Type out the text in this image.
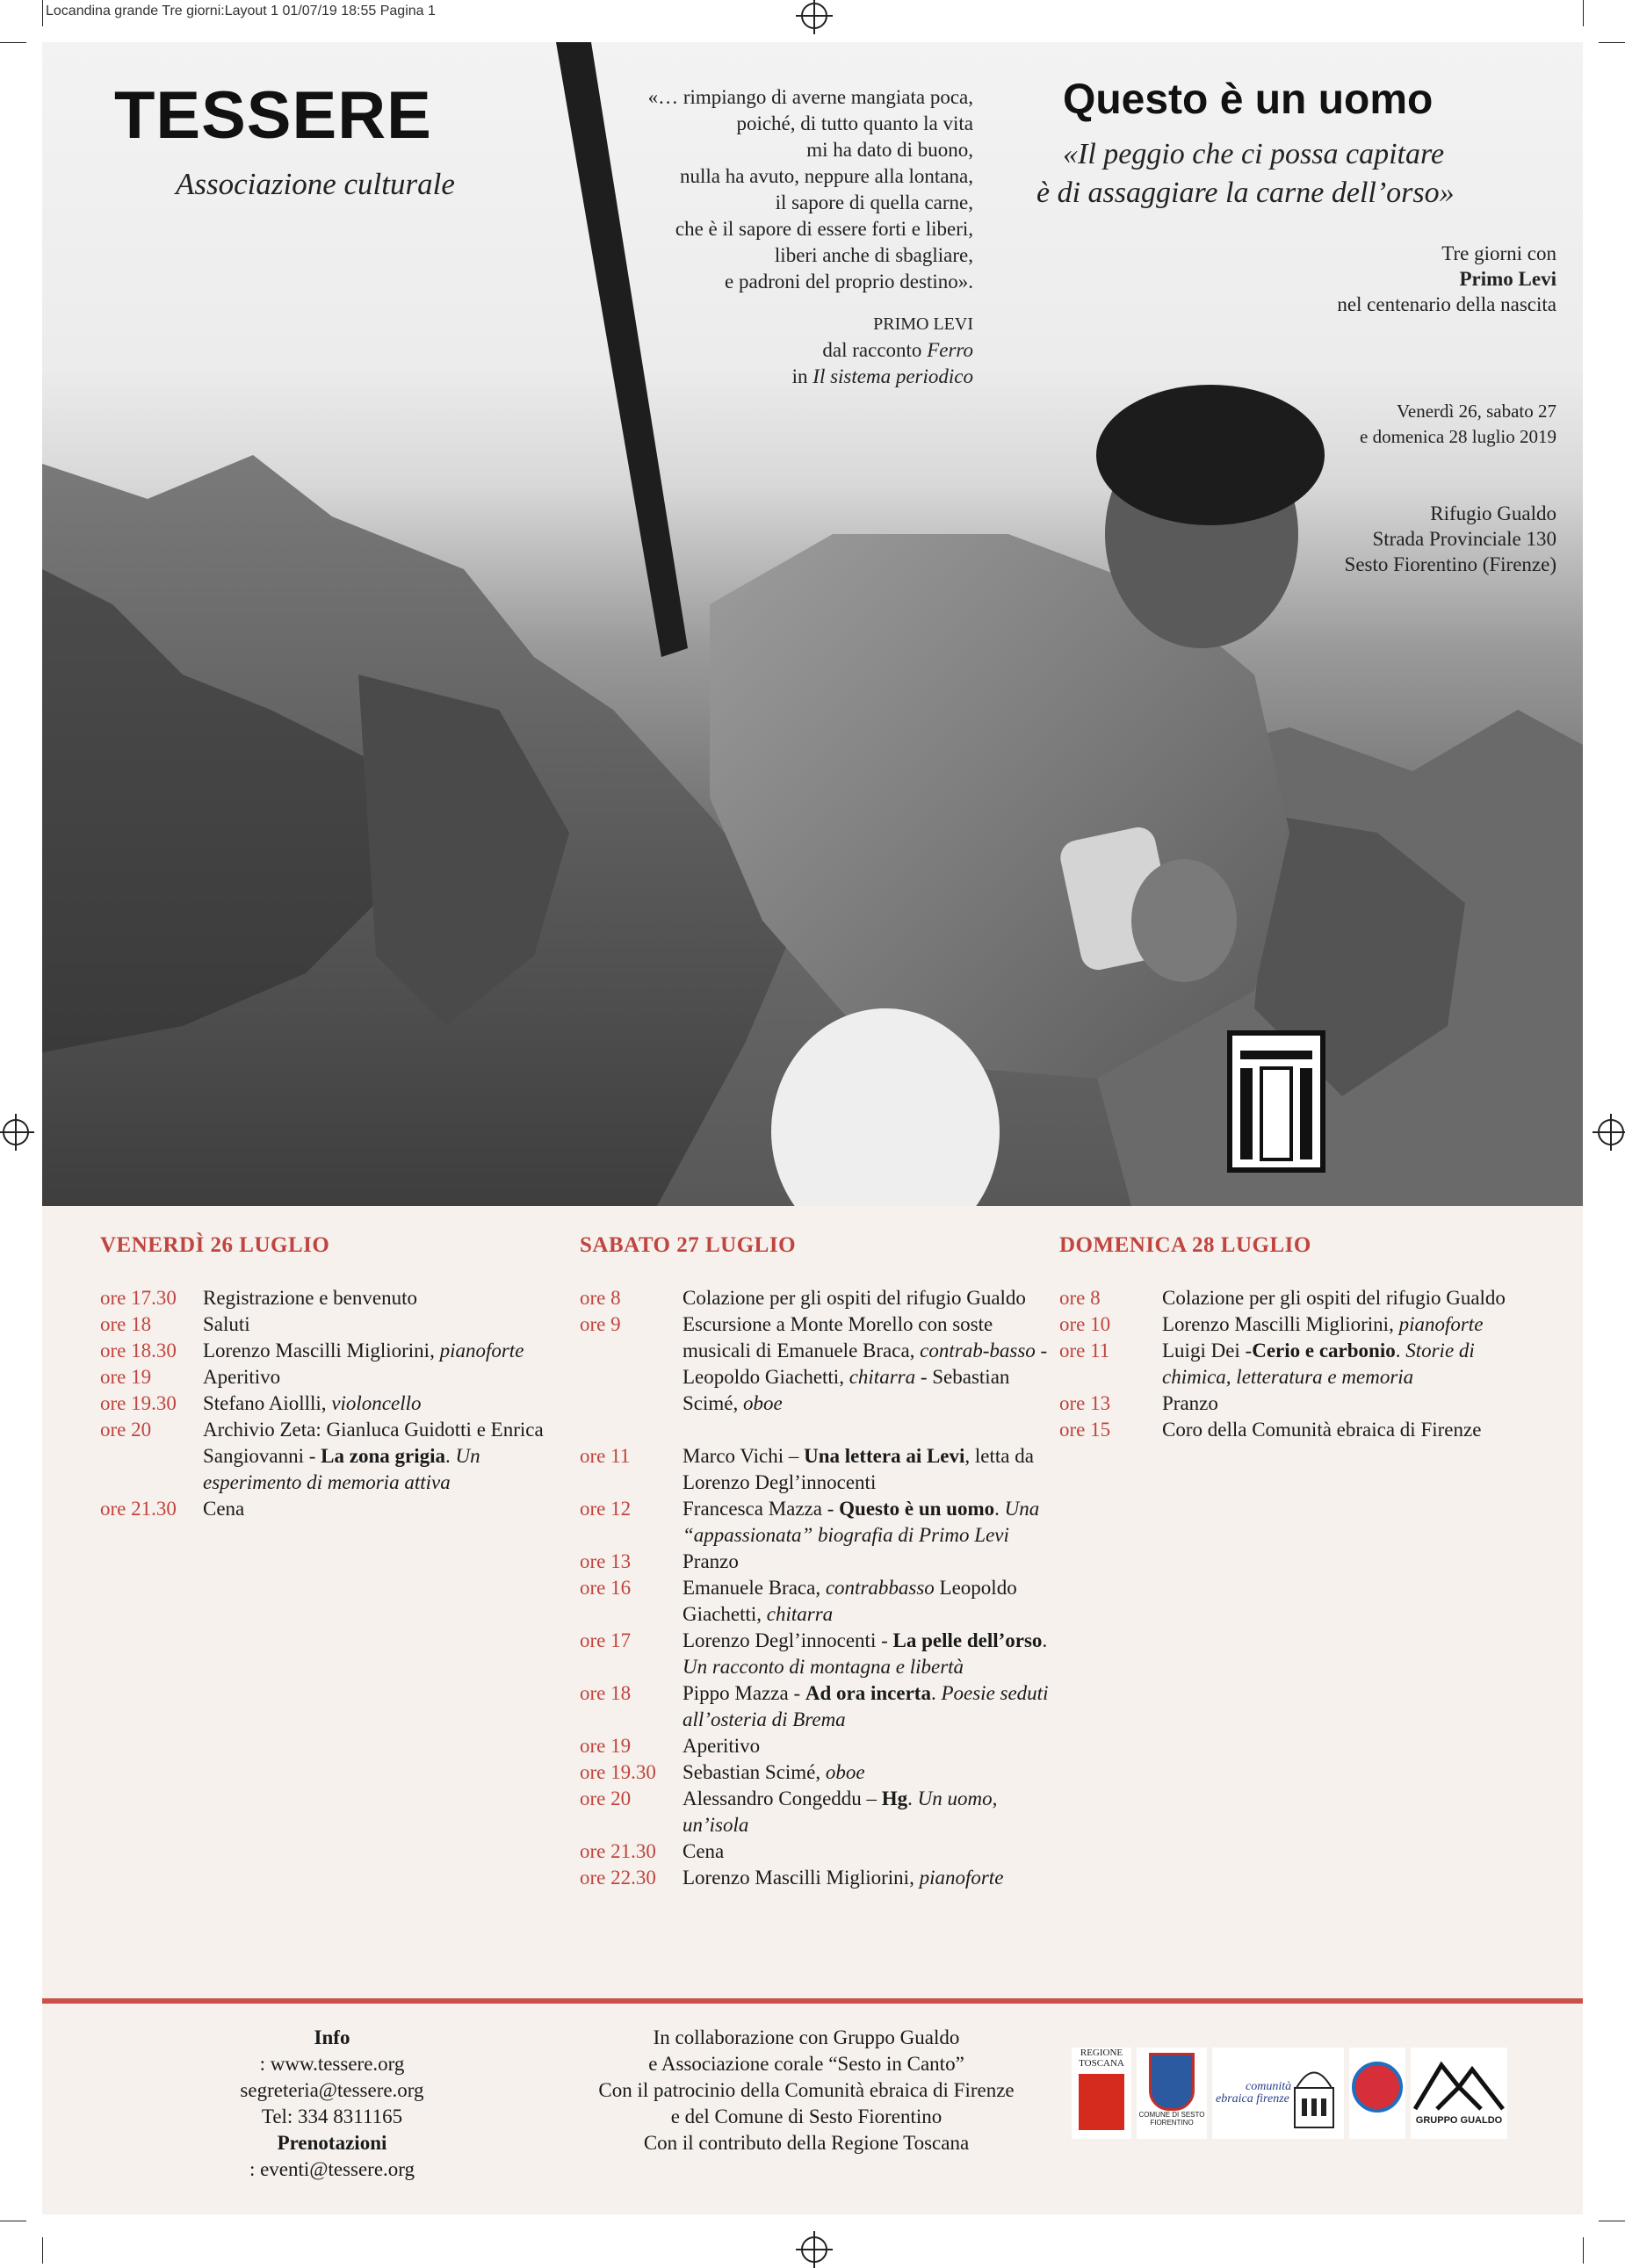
Locandina grande Tre giorni:Layout 1 01/07/19 18:55 Pagina 1
TESSERE
Associazione culturale
«… rimpiango di averne mangiata poca,
poiché, di tutto quanto la vita
mi ha dato di buono,
nulla ha avuto, neppure alla lontana,
il sapore di quella carne,
che è il sapore di essere forti e liberi,
liberi anche di sbagliare,
e padroni del proprio destino».
PRIMO LEVI
dal racconto Ferro
in Il sistema periodico
Questo è un uomo
«Il peggio che ci possa capitare
è di assaggiare la carne dell’orso»
Tre giorni con
Primo Levi
nel centenario della nascita
Venerdì 26, sabato 27
e domenica 28 luglio 2019
Rifugio Gualdo
Strada Provinciale 130
Sesto Fiorentino (Firenze)
VENERDÌ 26 LUGLIO
ore 17.30	Registrazione e benvenuto
ore 18	Saluti
ore 18.30	Lorenzo Mascilli Migliorini, pianoforte
ore 19	Aperitivo
ore 19.30	Stefano Aiollli, violoncello
ore 20	Archivio Zeta: Gianluca Guidotti e Enrica Sangiovanni - La zona grigia. Un esperimento di memoria attiva
ore 21.30	Cena
SABATO 27 LUGLIO
ore 8	Colazione per gli ospiti del rifugio Gualdo
ore 9	Escursione a Monte Morello con soste musicali di Emanuele Braca, contrab-basso - Leopoldo Giachetti, chitarra - Sebastian Scimé, oboe
ore 11	Marco Vichi – Una lettera ai Levi, letta da Lorenzo Degl’innocenti
ore 12	Francesca Mazza - Questo è un uomo. Una “appassionata” biografia di Primo Levi
ore 13	Pranzo
ore 16	Emanuele Braca, contrabbasso Leopoldo Giachetti, chitarra
ore 17	Lorenzo Degl’innocenti - La pelle dell’orso. Un racconto di montagna e libertà
ore 18	Pippo Mazza - Ad ora incerta. Poesie seduti all’osteria di Brema
ore 19	Aperitivo
ore 19.30	Sebastian Scimé, oboe
ore 20	Alessandro Congeddu – Hg. Un uomo, un’isola
ore 21.30	Cena
ore 22.30	Lorenzo Mascilli Migliorini, pianoforte
DOMENICA 28 LUGLIO
ore 8	Colazione per gli ospiti del rifugio Gualdo
ore 10	Lorenzo Mascilli Migliorini, pianoforte
ore 11	Luigi Dei -Cerio e carbonio. Storie di chimica, letteratura e memoria
ore 13	Pranzo
ore 15	Coro della Comunità ebraica di Firenze
Info
: www.tessere.org
segreteria@tessere.org
Tel: 334 8311165
Prenotazioni
: eventi@tessere.org
In collaborazione con Gruppo Gualdo
e Associazione corale “Sesto in Canto”
Con il patrocinio della Comunità ebraica di Firenze
e del Comune di Sesto Fiorentino
Con il contributo della Regione Toscana
REGIONE TOSCANA
COMUNE DI SESTO FIORENTINO
comunità
ebraica firenze
GRUPPO GUALDO
